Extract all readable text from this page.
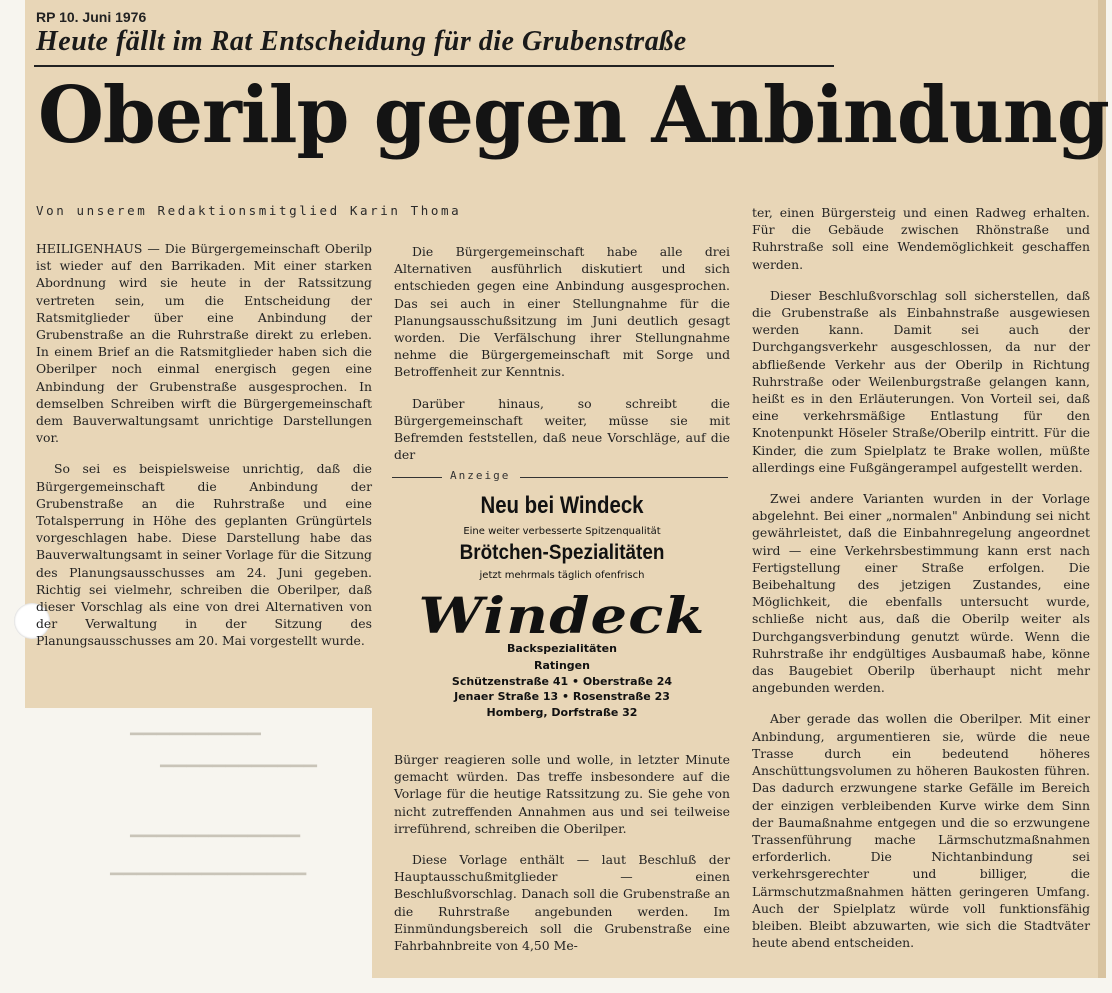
▁▁▁▁▁▁▁▁▁▁
▁▁▁▁▁▁▁▁▁▁▁▁
▁▁▁▁▁▁▁▁▁▁▁▁▁
▁▁▁▁▁▁▁▁▁▁▁▁▁▁▁
RP 10. Juni 1976
Heute fällt im Rat Entscheidung für die Grubenstraße
Oberilp gegen Anbindung
Von unserem Redaktionsmitglied Karin Thoma

HEILIGENHAUS — Die Bürgergemeinschaft Oberilp ist wieder auf den Barrikaden. Mit einer starken Abordnung wird sie heute in der Ratssitzung vertreten sein, um die Entscheidung der Ratsmitglieder über eine Anbindung der Grubenstraße an die Ruhrstraße direkt zu erleben. In einem Brief an die Ratsmitglieder haben sich die Oberilper noch einmal energisch gegen eine Anbindung der Grubenstraße ausgesprochen. In demselben Schreiben wirft die Bürgergemeinschaft dem Bauverwaltungsamt unrichtige Darstellungen vor.

So sei es beispielsweise unrichtig, daß die Bürgergemeinschaft die Anbindung der Grubenstraße an die Ruhrstraße und eine Totalsperrung in Höhe des geplanten Grüngürtels vorgeschlagen habe. Diese Darstellung habe das Bauverwaltungsamt in seiner Vorlage für die Sitzung des Planungsausschusses am 24. Juni gegeben. Richtig sei vielmehr, schreiben die Oberilper, daß dieser Vorschlag als eine von drei Alternativen von der Verwaltung in der Sitzung des Planungsausschusses am 20. Mai vorgestellt wurde.

Die Bürgergemeinschaft habe alle drei Alternativen ausführlich diskutiert und sich entschieden gegen eine Anbindung ausgesprochen. Das sei auch in einer Stellungnahme für die Planungsausschußsitzung im Juni deutlich gesagt worden. Die Verfälschung ihrer Stellungnahme nehme die Bürgergemeinschaft mit Sorge und Betroffenheit zur Kenntnis.

Darüber hinaus, so schreibt die Bürgergemeinschaft weiter, müsse sie mit Befremden feststellen, daß neue Vorschläge, auf die der

Anzeige
Neu bei Windeck
Eine weiter verbesserte Spitzenqualität
Brötchen-Spezialitäten
jetzt mehrmals täglich ofenfrisch
Windeck
Backspezialitäten
Ratingen
Schützenstraße 41 • Oberstraße 24
Jenaer Straße 13 • Rosenstraße 23
Homberg, Dorfstraße 32

Bürger reagieren solle und wolle, in letzter Minute gemacht würden. Das treffe insbesondere auf die Vorlage für die heutige Ratssitzung zu. Sie gehe von nicht zutreffenden Annahmen aus und sei teilweise irreführend, schreiben die Oberilper.

Diese Vorlage enthält — laut Beschluß der Hauptausschußmitglieder — einen Beschlußvorschlag. Danach soll die Grubenstraße an die Ruhrstraße angebunden werden. Im Einmündungsbereich soll die Grubenstraße eine Fahrbahnbreite von 4,50 Me-

ter, einen Bürgersteig und einen Radweg erhalten. Für die Gebäude zwischen Rhönstraße und Ruhrstraße soll eine Wendemöglichkeit geschaffen werden.

Dieser Beschlußvorschlag soll sicherstellen, daß die Grubenstraße als Einbahnstraße ausgewiesen werden kann. Damit sei auch der Durchgangsverkehr ausgeschlossen, da nur der abfließende Verkehr aus der Oberilp in Richtung Ruhrstraße oder Weilenburgstraße gelangen kann, heißt es in den Erläuterungen. Von Vorteil sei, daß eine verkehrsmäßige Entlastung für den Knotenpunkt Höseler Straße/Oberilp eintritt. Für die Kinder, die zum Spielplatz te Brake wollen, müßte allerdings eine Fußgängerampel aufgestellt werden.

Zwei andere Varianten wurden in der Vorlage abgelehnt. Bei einer „normalen" Anbindung sei nicht gewährleistet, daß die Einbahnregelung angeordnet wird — eine Verkehrsbestimmung kann erst nach Fertigstellung einer Straße erfolgen. Die Beibehaltung des jetzigen Zustandes, eine Möglichkeit, die ebenfalls untersucht wurde, schließe nicht aus, daß die Oberilp weiter als Durchgangsverbindung genutzt würde. Wenn die Ruhrstraße ihr endgültiges Ausbaumaß habe, könne das Baugebiet Oberilp überhaupt nicht mehr angebunden werden.

Aber gerade das wollen die Oberilper. Mit einer Anbindung, argumentieren sie, würde die neue Trasse durch ein bedeutend höheres Anschüttungsvolumen zu höheren Baukosten führen. Das dadurch erzwungene starke Gefälle im Bereich der einzigen verbleibenden Kurve wirke dem Sinn der Baumaßnahme entgegen und die so erzwungene Trassenführung mache Lärmschutzmaßnahmen erforderlich. Die Nichtanbindung sei verkehrsgerechter und billiger, die Lärmschutzmaßnahmen hätten geringeren Umfang. Auch der Spielplatz würde voll funktionsfähig bleiben. Bleibt abzuwarten, wie sich die Stadtväter heute abend entscheiden.
